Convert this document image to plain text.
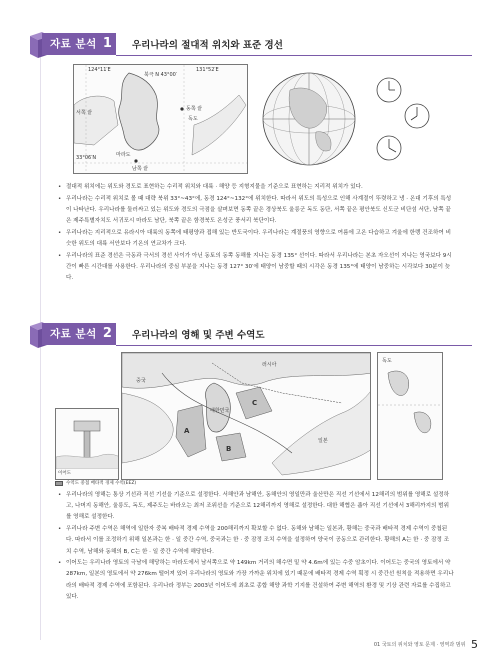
자료 분석 1	우리나라의 절대적 위치와 표준 경선
북극 N 43°00′
서쪽 끝
동쪽 끝
남쪽 끝
124°11′E	131°52′E
33°06′N
독도
마라도
• 절대적 위치에는 위도와 경도로 표현하는 수리적 위치와 대륙 · 해양 등 지형지물을 기준으로 표현하는 지리적 위치가 있다.
• 우리나라는 수리적 위치로 볼 때 대략 북위 33°~43°에, 동경 124°~132°에 위치한다. 따라서 위도의 특성으로 인해 사계절이 뚜렷하고 냉 · 온대 기후의 특성이 나타난다. 우리나라를 둘러싸고 있는 위도와 경도의 극점을 살펴보면 동쪽 끝은 경상북도 울릉군 독도 동단, 서쪽 끝은 평안북도 신도군 비단섬 서단, 남쪽 끝은 제주특별자치도 서귀포시 마라도 남단, 북쪽 끝은 함경북도 온성군 풍서리 북단이다.
• 우리나라는 지리적으로 유라시아 대륙의 동쪽에 태평양과 접해 있는 반도국이다. 우리나라는 계절풍의 영향으로 여름에 고온 다습하고 겨울에 한랭 건조하여 비슷한 위도의 대륙 서안보다 기온의 연교차가 크다.
• 우리나라의 표준 경선은 극동과 극서의 경선 사이가 아닌 동토의 동쪽 동해를 지나는 동경 135° 선이다. 따라서 우리나라는 본초 자오선이 지나는 영국보다 9시간이 빠른 시간대를 사용한다. 우리나라의 중심 부분을 지나는 동경 127° 30′에 태양이 남중할 때의 시각은 동경 135°에 태양이 남중하는 시각보다 30분이 늦다.
자료 분석 2	우리나라의 영해 및 주변 수역도
러시아
중국
대한민국
일본
A
B
C
이어도
독도
수역도 중첩 배타적 경제 수역(EEZ)
• 우리나라의 영해는 통상 기선과 직선 기선을 기준으로 설정한다. 서해안과 남해안, 동해안의 영일만과 울산만은 직선 기선에서 12해리의 범위를 영해로 설정하고, 나머지 동해안, 울릉도, 독도, 제주도는 바라오는 최저 조위선을 기준으로 12해리까지 영해로 설정한다. 대한 해협은 좁아 직선 기선에서 3해리까지의 범위를 영해로 설정한다.
• 우리나라 주변 수역은 해역에 일한자 중복 배타적 경제 수역을 200해리까지 확보할 수 없다. 동해와 남해는 일본과, 황해는 중국과 배타적 경제 수역이 중첩된다. 따라서 이를 조정하기 위해 일본과는 한 · 일 중간 수역, 중국과는 한 · 중 잠정 조치 수역을 설정하여 양국이 공동으로 관리한다. 황해의 A는 한 · 중 잠정 조치 수역, 남해와 동해의 B, C는 한 · 일 중간 수역에 해당한다.
• 이어도는 우리나라 영토의 극남에 해당하는 마라도에서 남서쪽으로 약 149km 거리의 해수면 밑 약 4.6m에 있는 수중 암초이다. 이어도는 중국의 영토에서 약 287km, 일본의 영토에서 약 276km 떨어져 있어 우리나라의 영토와 가장 가까운 위치에 있기 때문에 배타적 경제 수역 획정 시 중간선 원칙을 적용하면 우리나라의 배타적 경제 수역에 포함된다. 우리나라 정부는 2003년 이어도에 최초로 종합 해양 과학 기지를 건설하여 주변 해역의 환경 및 기상 관련 자료를 수집하고 있다.
01 국토의 위치와 영토 문제 · 영역과 범위 5
